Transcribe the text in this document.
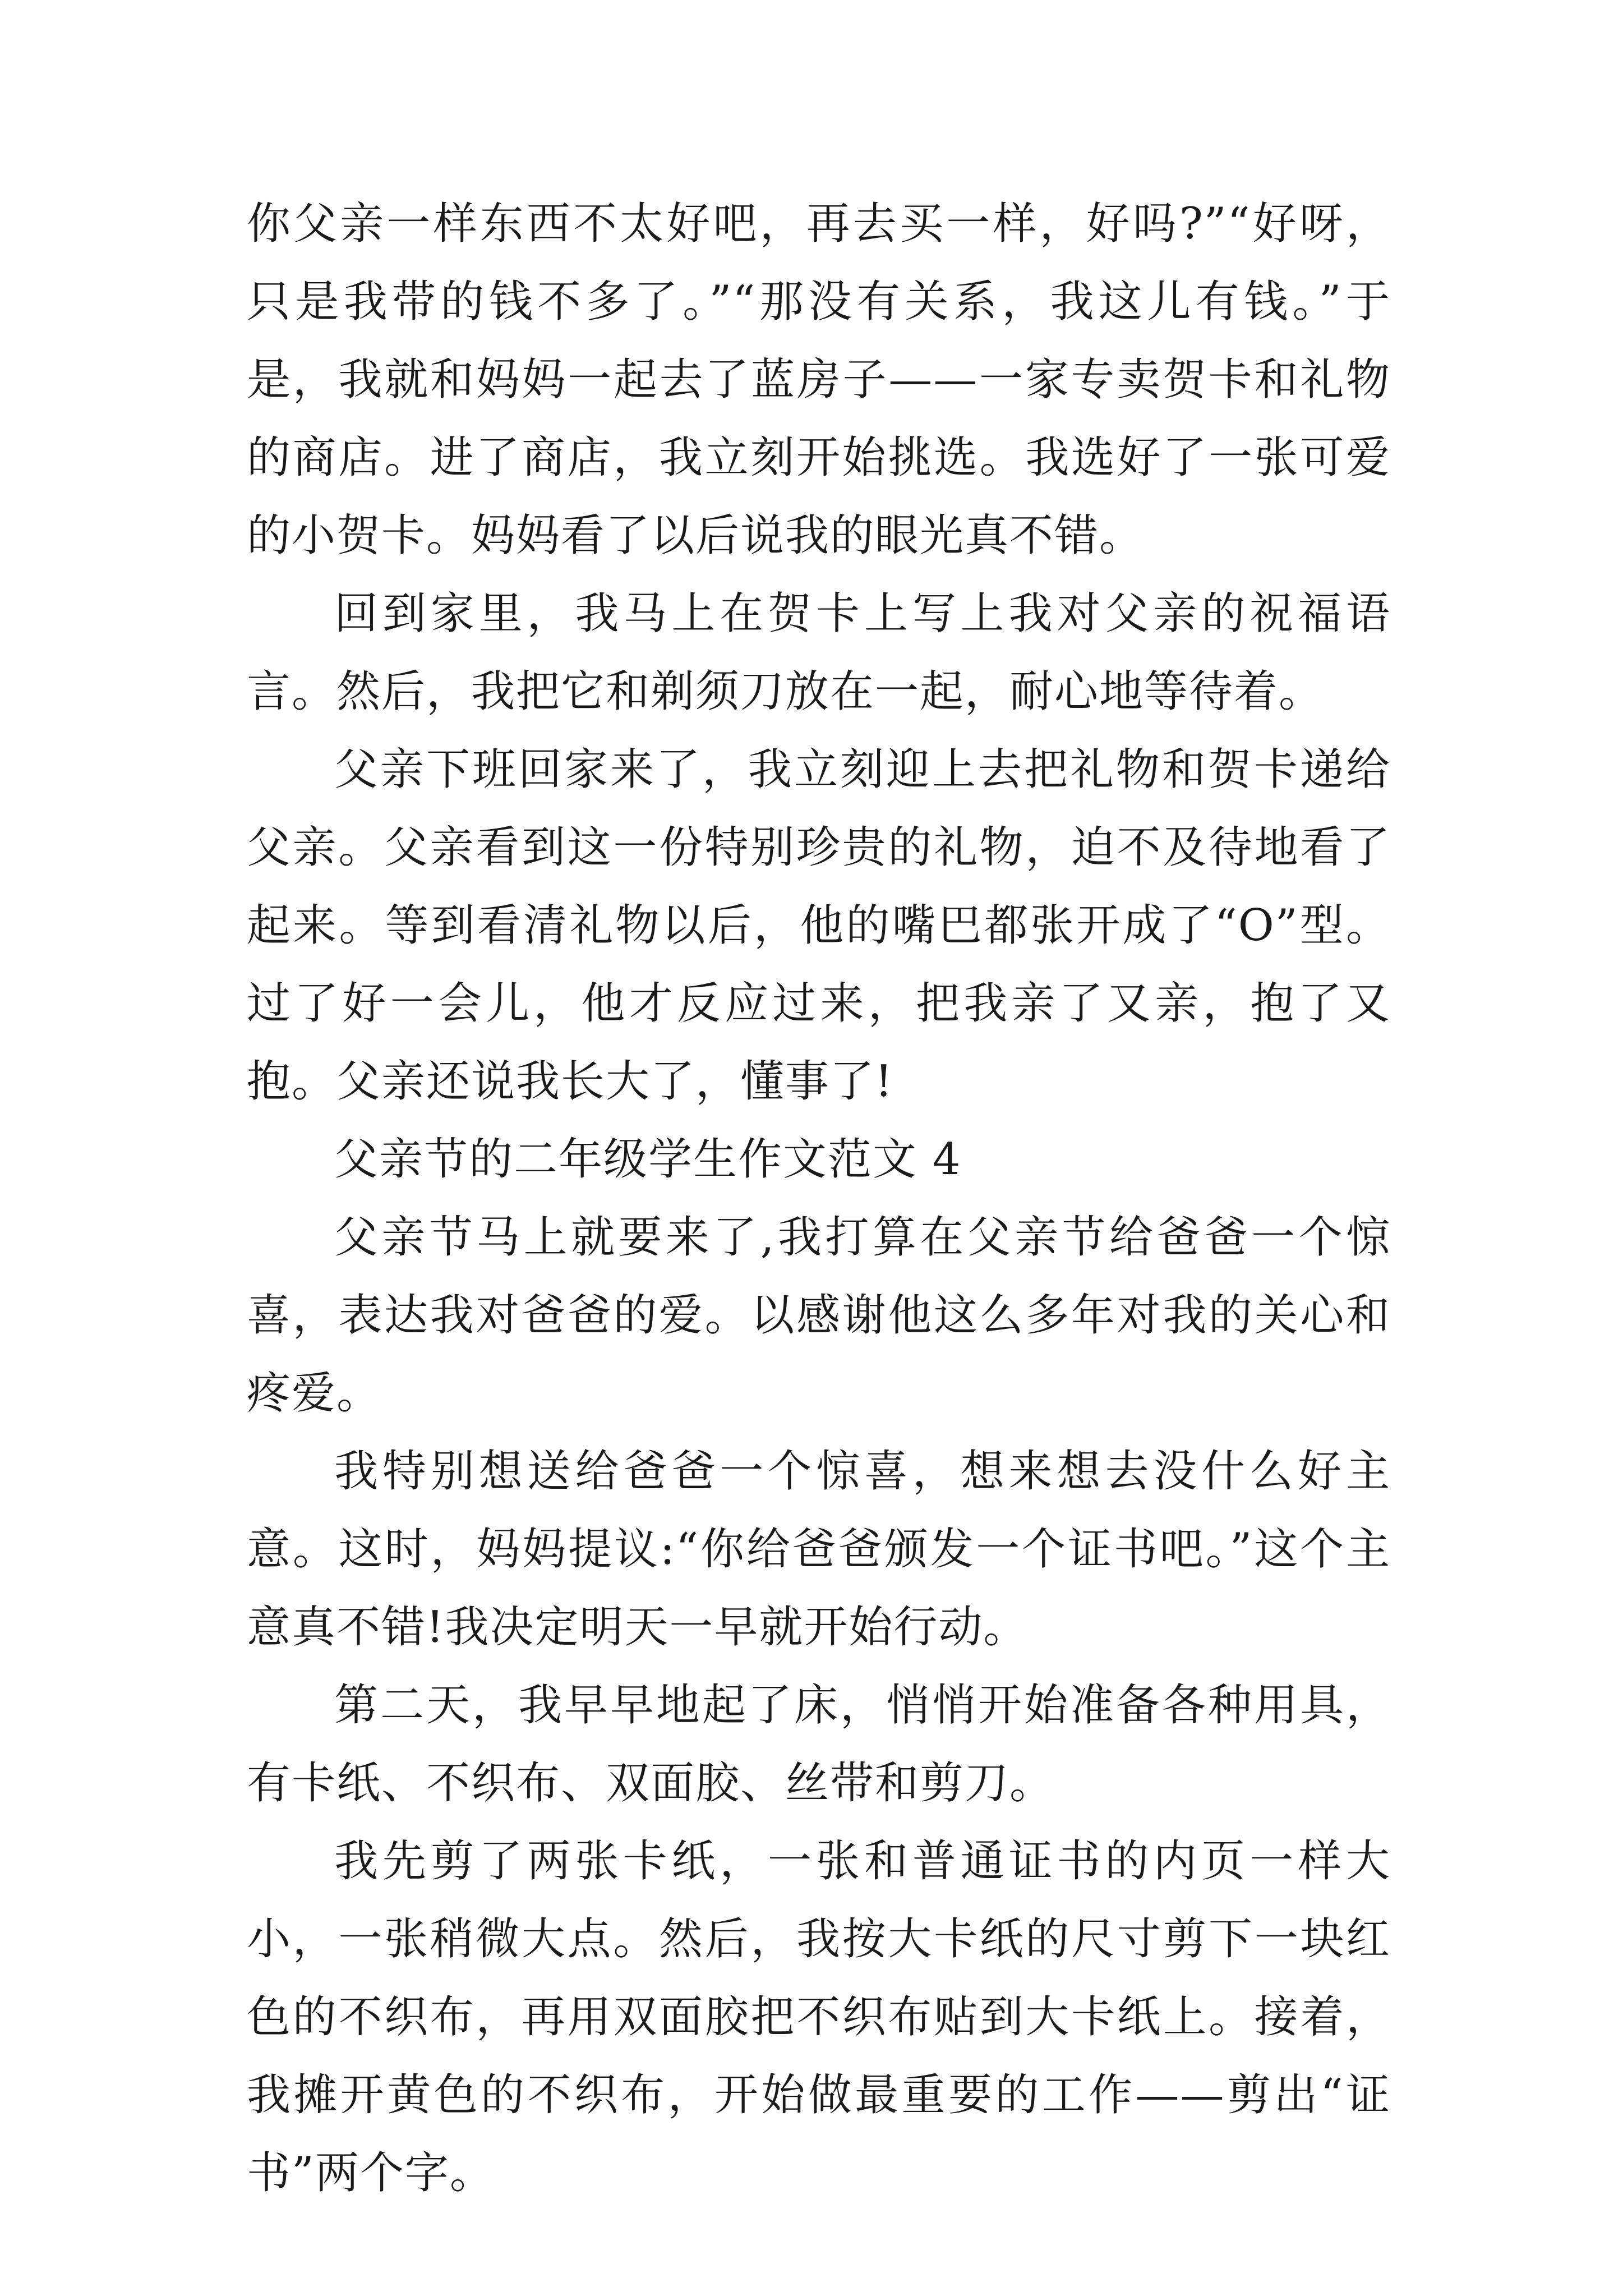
你父亲一样东西不太好吧，再去买一样，好吗?”“好呀，只是我带的钱不多了。”“那没有关系，我这儿有钱。”于是，我就和妈妈一起去了蓝房子——一家专卖贺卡和礼物的商店。进了商店，我立刻开始挑选。我选好了一张可爱的小贺卡。妈妈看了以后说我的眼光真不错。

回到家里，我马上在贺卡上写上我对父亲的祝福语言。然后，我把它和剃须刀放在一起，耐心地等待着。

父亲下班回家来了，我立刻迎上去把礼物和贺卡递给父亲。父亲看到这一份特别珍贵的礼物，迫不及待地看了起来。等到看清礼物以后，他的嘴巴都张开成了“O”型。过了好一会儿，他才反应过来，把我亲了又亲，抱了又抱。父亲还说我长大了，懂事了!

父亲节的二年级学生作文范文 4

父亲节马上就要来了,我打算在父亲节给爸爸一个惊喜，表达我对爸爸的爱。以感谢他这么多年对我的关心和疼爱。

我特别想送给爸爸一个惊喜，想来想去没什么好主意。这时，妈妈提议:“你给爸爸颁发一个证书吧。”这个主意真不错!我决定明天一早就开始行动。

第二天，我早早地起了床，悄悄开始准备各种用具，有卡纸、不织布、双面胶、丝带和剪刀。

我先剪了两张卡纸，一张和普通证书的内页一样大小，一张稍微大点。然后，我按大卡纸的尺寸剪下一块红色的不织布，再用双面胶把不织布贴到大卡纸上。接着，我摊开黄色的不织布，开始做最重要的工作——剪出“证书”两个字。
